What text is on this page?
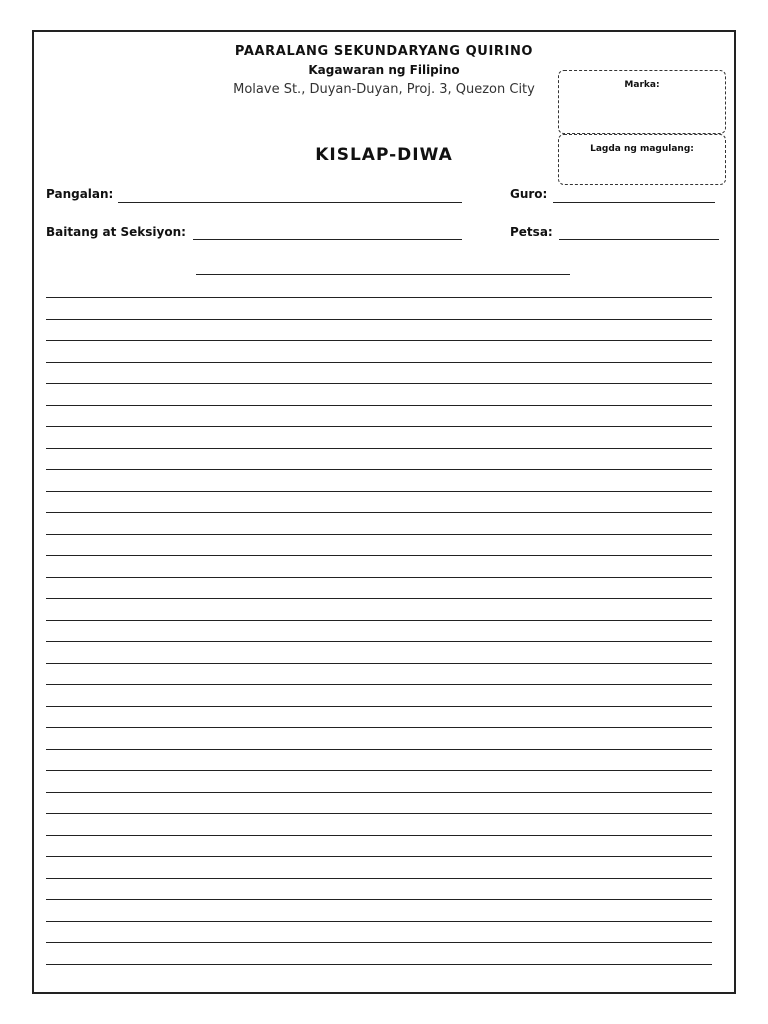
PAARALANG SEKUNDARYANG QUIRINO
Kagawaran ng Filipino
Molave St., Duyan-Duyan, Proj. 3, Quezon City
KISLAP-DIWA
Marka:
Lagda ng magulang:
Pangalan:	Guro:
Baitang at Seksiyon:	Petsa:
